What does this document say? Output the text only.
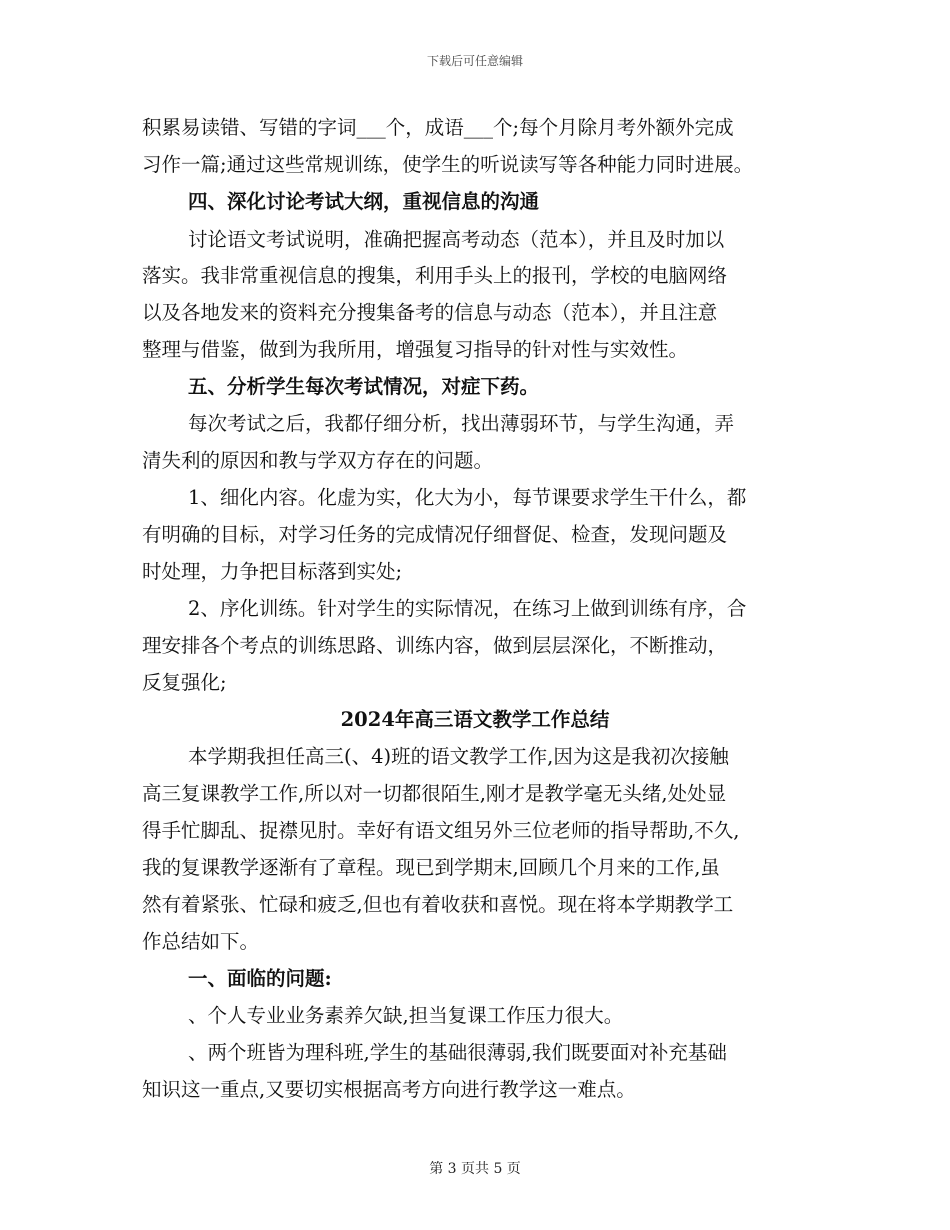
下载后可任意编辑
积累易读错、写错的字词___个，成语___个;每个月除月考外额外完成
习作一篇;通过这些常规训练，使学生的听说读写等各种能力同时进展。
四、深化讨论考试大纲，重视信息的沟通
讨论语文考试说明，准确把握高考动态（范本），并且及时加以
落实。我非常重视信息的搜集，利用手头上的报刊，学校的电脑网络
以及各地发来的资料充分搜集备考的信息与动态（范本），并且注意
整理与借鉴，做到为我所用，增强复习指导的针对性与实效性。
五、分析学生每次考试情况，对症下药。
每次考试之后，我都仔细分析，找出薄弱环节，与学生沟通，弄
清失利的原因和教与学双方存在的问题。
1、细化内容。化虚为实，化大为小，每节课要求学生干什么，都
有明确的目标，对学习任务的完成情况仔细督促、检查，发现问题及
时处理，力争把目标落到实处;
2、序化训练。针对学生的实际情况，在练习上做到训练有序，合
理安排各个考点的训练思路、训练内容，做到层层深化，不断推动，
反复强化;
2024年高三语文教学工作总结
本学期我担任高三(、4)班的语文教学工作,因为这是我初次接触
高三复课教学工作,所以对一切都很陌生,刚才是教学毫无头绪,处处显
得手忙脚乱、捉襟见肘。幸好有语文组另外三位老师的指导帮助,不久,
我的复课教学逐渐有了章程。现已到学期末,回顾几个月来的工作,虽
然有着紧张、忙碌和疲乏,但也有着收获和喜悦。现在将本学期教学工
作总结如下。
一、面临的问题:
、个人专业业务素养欠缺,担当复课工作压力很大。
、两个班皆为理科班,学生的基础很薄弱,我们既要面对补充基础
知识这一重点,又要切实根据高考方向进行教学这一难点。
第 3 页共 5 页
